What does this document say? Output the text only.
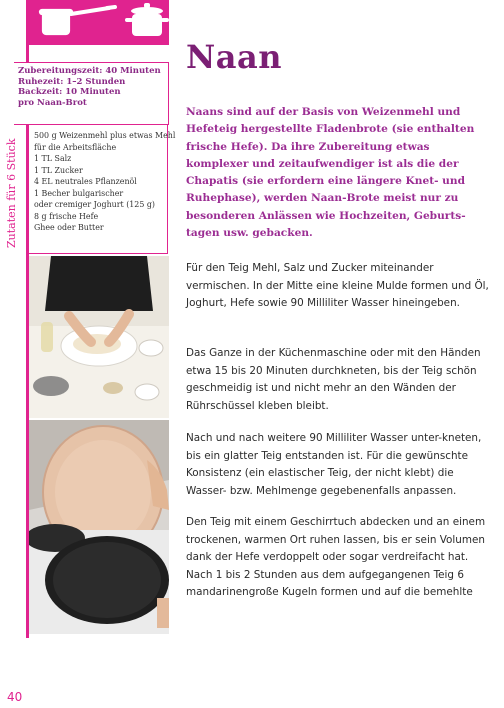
Zubereitungszeit: 40 Minuten
Ruhezeit: 1–2 Stunden
Backzeit: 10 Minuten
pro Naan-Brot
500 g Weizenmehl plus etwas Mehl
für die Arbeitsfläche
1 TL Salz
1 TL Zucker
4 EL neutrales Pflanzenöl
1 Becher bulgarischer
oder cremiger Joghurt (125 g)
8 g frische Hefe
Ghee oder Butter
Naan
Naans sind auf der Basis von Weizenmehl und Hefeteig hergestellte Fladenbrote (sie enthalten frische Hefe). Da ihre Zubereitung etwas komplexer und zeitaufwendiger ist als die der Chapatis (sie erfordern eine längere Knet- und Ruhephase), werden Naan-Brote meist nur zu besonderen Anlässen wie Hochzeiten, Geburts-tagen usw. gebacken.

Für den Teig Mehl, Salz und Zucker miteinander vermischen. In der Mitte eine kleine Mulde formen und Öl, Joghurt, Hefe sowie 90 Milliliter Wasser hineingeben.

Das Ganze in der Küchenmaschine oder mit den Händen etwa 15 bis 20 Minuten durchkneten, bis der Teig schön geschmeidig ist und nicht mehr an den Wänden der Rührschüssel kleben bleibt.

Nach und nach weitere 90 Milliliter Wasser unter-kneten, bis ein glatter Teig entstanden ist. Für die gewünschte Konsistenz (ein elastischer Teig, der nicht klebt) die Wasser- bzw. Mehlmenge gegebenenfalls anpassen.

Den Teig mit einem Geschirrtuch abdecken und an einem trockenen, warmen Ort ruhen lassen, bis er sein Volumen dank der Hefe verdoppelt oder sogar verdreifacht hat. Nach 1 bis 2 Stunden aus dem aufgegangenen Teig 6 mandarinengroße Kugeln formen und auf die bemehlte

40
